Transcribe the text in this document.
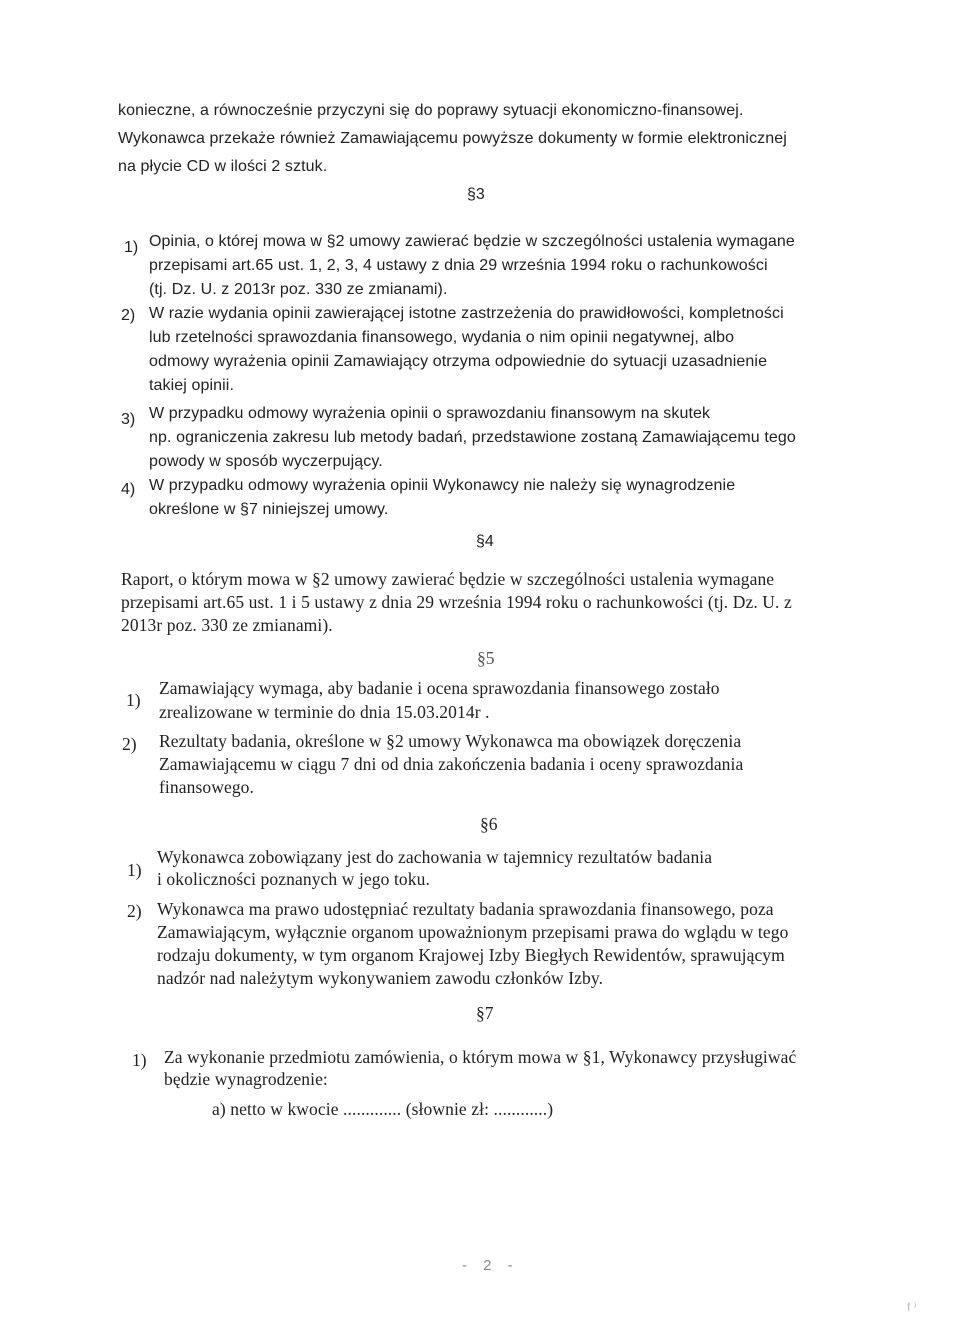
konieczne, a równocześnie przyczyni się do poprawy sytuacji ekonomiczno-finansowej.
Wykonawca przekaże również Zamawiającemu powyższe dokumenty w formie elektronicznej
na płycie CD w ilości 2 sztuk.
§3
1) Opinia, o której mowa w §2 umowy zawierać będzie w szczególności ustalenia wymagane
przepisami art.65 ust. 1, 2, 3, 4 ustawy z dnia 29 września 1994 roku o rachunkowości
(tj. Dz. U. z 2013r poz. 330 ze zmianami).
2) W razie wydania opinii zawierającej istotne zastrzeżenia do prawidłowości, kompletności
lub rzetelności sprawozdania finansowego, wydania o nim opinii negatywnej, albo
odmowy wyrażenia opinii Zamawiający otrzyma odpowiednie do sytuacji uzasadnienie
takiej opinii.
3) W przypadku odmowy wyrażenia opinii o sprawozdaniu finansowym na skutek
np. ograniczenia zakresu lub metody badań, przedstawione zostaną Zamawiającemu tego
powody w sposób wyczerpujący.
4) W przypadku odmowy wyrażenia opinii Wykonawcy nie należy się wynagrodzenie
określone w §7 niniejszej umowy.
§4
Raport, o którym mowa w §2 umowy zawierać będzie w szczególności ustalenia wymagane
przepisami art.65 ust. 1 i 5 ustawy z dnia 29 września 1994 roku o rachunkowości (tj. Dz. U. z
2013r poz. 330 ze zmianami).
§5
1)
Zamawiający wymaga, aby badanie i ocena sprawozdania finansowego zostało
zrealizowane w terminie do dnia 15.03.2014r .
2) Rezultaty badania, określone w §2 umowy Wykonawca ma obowiązek doręczenia
Zamawiającemu w ciągu 7 dni od dnia zakończenia badania i oceny sprawozdania
finansowego.
§6
1)
Wykonawca zobowiązany jest do zachowania w tajemnicy rezultatów badania
i okoliczności poznanych w jego toku.
2) Wykonawca ma prawo udostępniać rezultaty badania sprawozdania finansowego, poza
Zamawiającym, wyłącznie organom upoważnionym przepisami prawa do wglądu w tego
rodzaju dokumenty, w tym organom Krajowej Izby Biegłych Rewidentów, sprawującym
nadzór nad należytym wykonywaniem zawodu członków Izby.
§7
1) Za wykonanie przedmiotu zamówienia, o którym mowa w §1, Wykonawcy przysługiwać
będzie wynagrodzenie:
a) netto w kwocie ............. (słownie zł: ............)
- 2 -
f ⁾
